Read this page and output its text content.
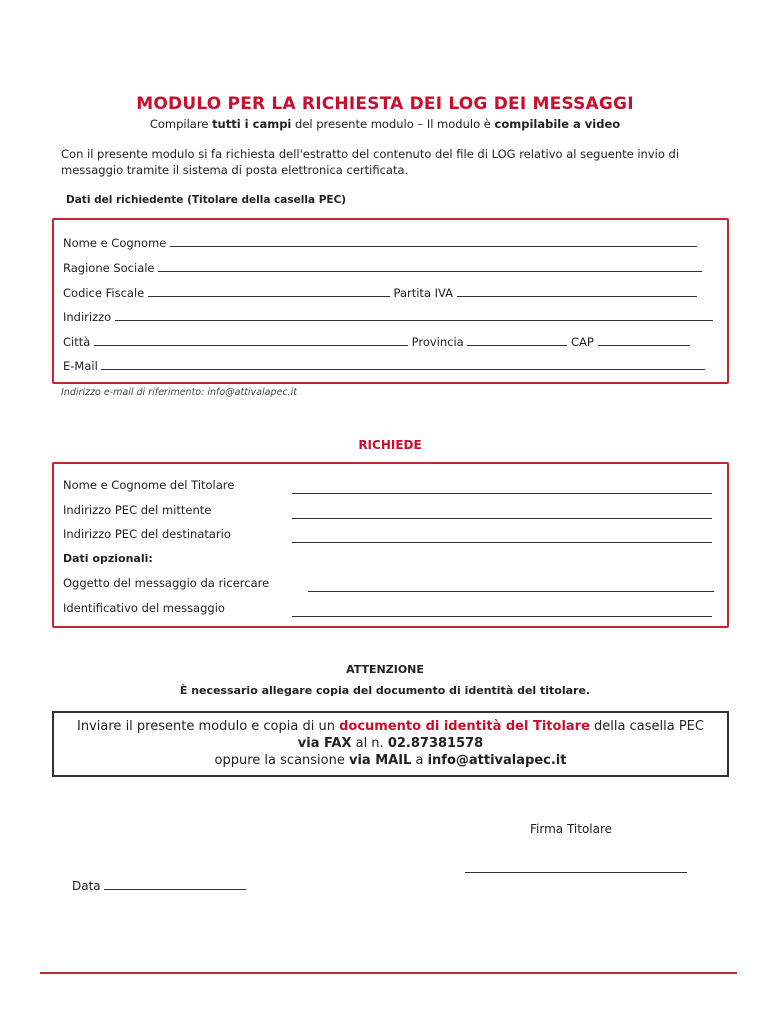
MODULO PER LA RICHIESTA DEI LOG DEI MESSAGGI
Compilare tutti i campi del presente modulo – Il modulo è compilabile a video
Con il presente modulo si fa richiesta dell'estratto del contenuto del file di LOG relativo al seguente invio di messaggio tramite il sistema di posta elettronica certificata.
Dati del richiedente (Titolare della casella PEC)
Nome e Cognome
Ragione Sociale
Codice Fiscale	Partita IVA
Indirizzo
Città	Provincia	CAP
E-Mail
Indirizzo e-mail di riferimento: info@attivalapec.it
RICHIEDE
Nome e Cognome del Titolare
Indirizzo PEC del mittente
Indirizzo PEC del destinatario
Dati opzionali:
Oggetto del messaggio da ricercare
Identificativo del messaggio
ATTENZIONE
È necessario allegare copia del documento di identità del titolare.
Inviare il presente modulo e copia di un documento di identità del Titolare della casella PEC
via FAX al n. 02.87381578
oppure la scansione via MAIL a info@attivalapec.it
Firma Titolare
Data
